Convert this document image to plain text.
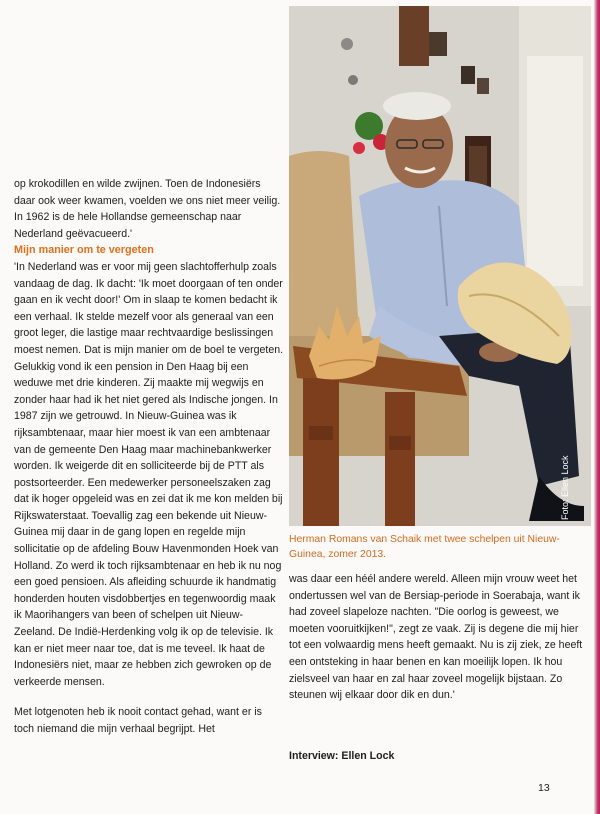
op krokodillen en wilde zwijnen. Toen de Indonesiërs daar ook weer kwamen, voelden we ons niet meer veilig. In 1962 is de hele Hollandse gemeenschap naar Nederland geëvacueerd.'

Mijn manier om te vergeten

'In Nederland was er voor mij geen slachtofferhulp zoals vandaag de dag. Ik dacht: 'Ik moet doorgaan of ten onder gaan en ik vecht door!' Om in slaap te komen bedacht ik een verhaal. Ik stelde mezelf voor als generaal van een groot leger, die lastige maar rechtvaardige beslissingen moest nemen. Dat is mijn manier om de boel te vergeten. Gelukkig vond ik een pension in Den Haag bij een weduwe met drie kinderen. Zij maakte mij wegwijs en zonder haar had ik het niet gered als Indische jongen. In 1987 zijn we getrouwd. In Nieuw-Guinea was ik rijksambtenaar, maar hier moest ik van een ambtenaar van de gemeente Den Haag maar machinebankwerker worden. Ik weigerde dit en solliciteerde bij de PTT als postsorteerder. Een medewerker personeelszaken zag dat ik hoger opgeleid was en zei dat ik me kon melden bij Rijkswaterstaat. Toevallig zag een bekende uit Nieuw-Guinea mij daar in de gang lopen en regelde mijn sollicitatie op de afdeling Bouw Havenmonden Hoek van Holland. Zo werd ik toch rijksambtenaar en heb ik nu nog een goed pensioen. Als afleiding schuurde ik handmatig honderden houten visdobbertjes en tegenwoordig maak ik Maorihangers van been of schelpen uit Nieuw-Zeeland. De Indië-Herdenking volg ik op de televisie. Ik kan er niet meer naar toe, dat is me teveel. Ik haat de Indonesiërs niet, maar ze hebben zich gewroken op de verkeerde mensen.

Met lotgenoten heb ik nooit contact gehad, want er is toch niemand die mijn verhaal begrijpt. Het

Foto: Ellen Lock
Herman Romans van Schaik met twee schelpen uit Nieuw-Guinea, zomer 2013.

was daar een héél andere wereld. Alleen mijn vrouw weet het ondertussen wel van de Bersiap-periode in Soerabaja, want ik had zoveel slapeloze nachten. "Die oorlog is geweest, we moeten vooruitkijken!", zegt ze vaak. Zij is degene die mij hier tot een volwaardig mens heeft gemaakt. Nu is zij ziek, ze heeft een ontsteking in haar benen en kan moeilijk lopen. Ik hou zielsveel van haar en zal haar zoveel mogelijk bijstaan. Zo steunen wij elkaar door dik en dun.'

Interview: Ellen Lock
13
